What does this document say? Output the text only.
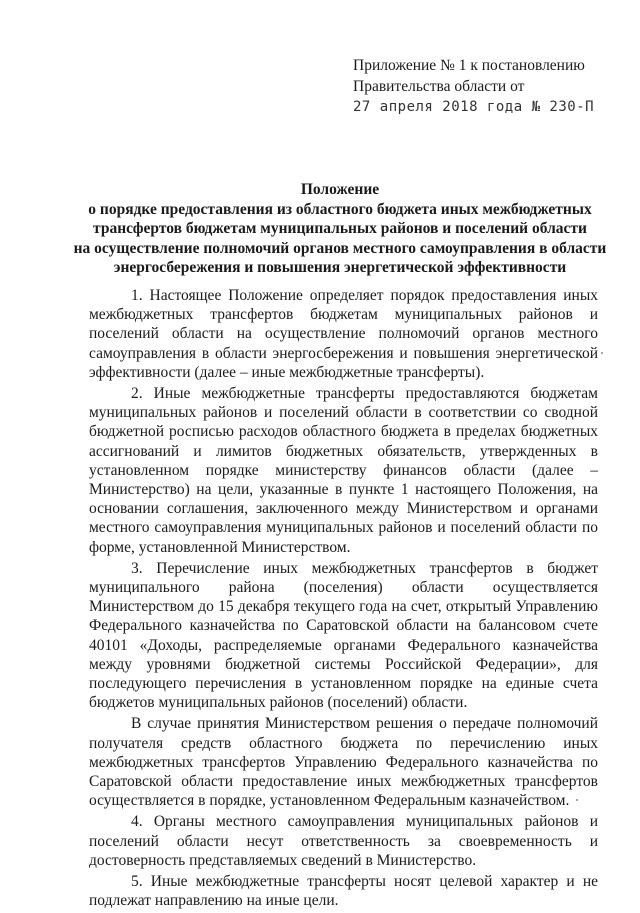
Приложение № 1 к постановлению
Правительства области от
27 апреля 2018 года № 230-П
Положение
о порядке предоставления из областного бюджета иных межбюджетных
трансфертов бюджетам муниципальных районов и поселений области
на осуществление полномочий органов местного самоуправления в области
энергосбережения и повышения энергетической эффективности

1. Настоящее Положение определяет порядок предоставления иных межбюджетных трансфертов бюджетам муниципальных районов и поселений области на осуществление полномочий органов местного самоуправления в области энергосбережения и повышения энергетической эффективности (далее – иные межбюджетные трансферты).

2. Иные межбюджетные трансферты предоставляются бюджетам муниципальных районов и поселений области в соответствии со сводной бюджетной росписью расходов областного бюджета в пределах бюджетных ассигнований и лимитов бюджетных обязательств, утвержденных в установленном порядке министерству финансов области (далее – Министерство) на цели, указанные в пункте 1 настоящего Положения, на основании соглашения, заключенного между Министерством и органами местного самоуправления муниципальных районов и поселений области по форме, установленной Министерством.

3. Перечисление иных межбюджетных трансфертов в бюджет муниципального района (поселения) области осуществляется Министерством до 15 декабря текущего года на счет, открытый Управлению Федерального казначейства по Саратовской области на балансовом счете 40101 «Доходы, распределяемые органами Федерального казначейства между уровнями бюджетной системы Российской Федерации», для последующего перечисления в установленном порядке на единые счета бюджетов муниципальных районов (поселений) области.

В случае принятия Министерством решения о передаче полномочий получателя средств областного бюджета по перечислению иных межбюджетных трансфертов Управлению Федерального казначейства по Саратовской области предоставление иных межбюджетных трансфертов осуществляется в порядке, установленном Федеральным казначейством.

4. Органы местного самоуправления муниципальных районов и поселений области несут ответственность за своевременность и достоверность представляемых сведений в Министерство.

5. Иные межбюджетные трансферты носят целевой характер и не подлежат направлению на иные цели.
